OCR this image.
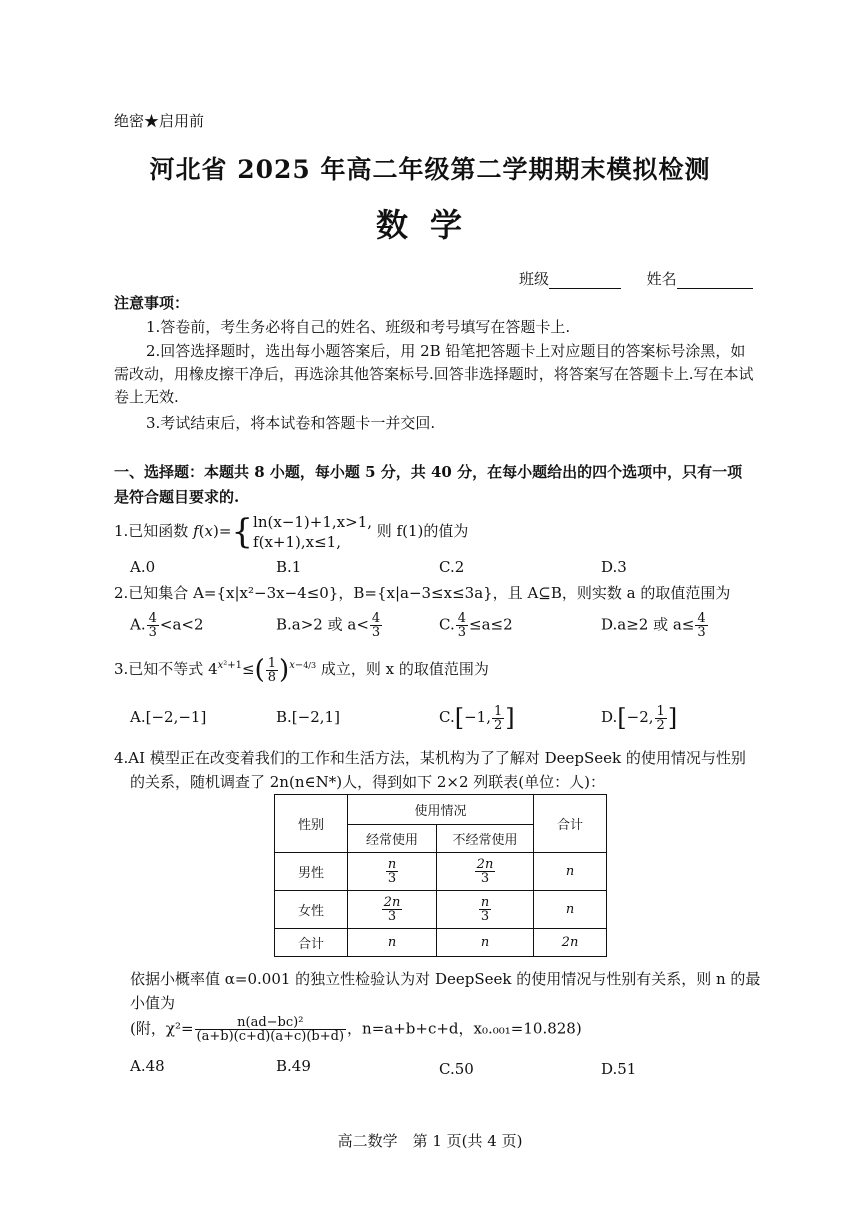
绝密★启用前
河北省 2025 年高二年级第二学期期末模拟检测
数学
班级	姓名
注意事项：
1.答卷前，考生务必将自己的姓名、班级和考号填写在答题卡上.
2.回答选择题时，选出每小题答案后，用 2B 铅笔把答题卡上对应题目的答案标号涂黑，如需改动，用橡皮擦干净后，再选涂其他答案标号.回答非选择题时，将答案写在答题卡上.写在本试卷上无效.
3.考试结束后，将本试卷和答题卡一并交回.
一、选择题：本题共 8 小题，每小题 5 分，共 40 分，在每小题给出的四个选项中，只有一项是符合题目要求的.
1.已知函数 f(x)={ln(x−1)+1,x>1,
f(x+1),x≤1, 则 f(1)的值为
A.0	B.1	C.2	D.3
2.已知集合 A={x|x²−3x−4≤0}，B={x|a−3≤x≤3a}，且 A⊆B，则实数 a 的取值范围为
A. $\frac{4}{3} <a<2$	B.a>2 或 $a< \frac{4}{3}$	C. $\frac{4}{3} \le a\le 2$	D.a≥2 或 $a\le \frac{4}{3}$
3.已知不等式 $4^{x^2+1}\le( \frac{1}{8} )^{x-4/3}$ 成立，则 x 的取值范围为
A.[−2,−1]	B.[−2,1]	C.[−1, $\frac{1}{2}$ ]	D.[−2, $\frac{1}{2}$ ]
4.AI 模型正在改变着我们的工作和生活方法，某机构为了了解对 DeepSeek 的使用情况与性别
的关系，随机调查了 2n(n∈N*)人，得到如下 2×2 列联表(单位：人)：
性别	使用情况		合计
	经常使用	不经常使用	
男性	$\frac{n}{3}$	$\frac{2n}{3}$	n
女性	$\frac{2n}{3}$	$\frac{n}{3}$	n
合计	n	n	2n
依据小概率值 α=0.001 的独立性检验认为对 DeepSeek 的使用情况与性别有关系，则 n 的最
小值为
(附，$\chi^2= \frac{\text{n(ad−bc)²}}{(a+b)(c+d)(a+c)(b+d)}$ ，n=a+b+c+d，x₀.₀₀₁=10.828)
A.48	B.49	C.50	D.51
高二数学　第 1 页(共 4 页)
